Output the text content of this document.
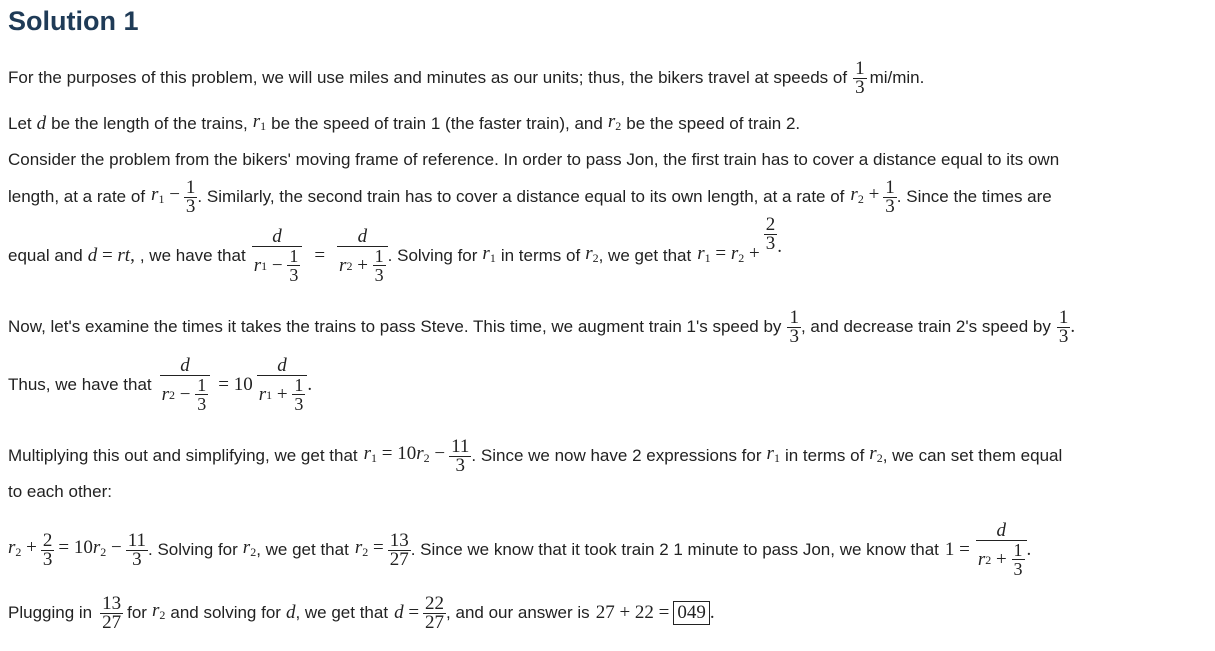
Solution 1
For the purposes of this problem, we will use miles and minutes as our units; thus, the bikers travel at speeds of $\frac{1}{3} mi/\min$.
Let d be the length of the trains, $r_1$ be the speed of train 1 (the faster train), and $r_2$ be the speed of train 2.
Consider the problem from the bikers' moving frame of reference. In order to pass Jon, the first train has to cover a distance equal to its own
length, at a rate of $r_1 - \frac{1}{3}$ . Similarly, the second train has to cover a distance equal to its own length, at a rate of $r_2 + \frac{1}{3}$ . Since the times are
equal and d = rt, , we have that $\frac{d}{r 1 - \frac{1}{3}} = \frac{d}{r 2 + \frac{1}{3}}$ . Solving for $r_1$ in terms of $r_2$ , we get that $r_1 = r_2$ +
$\frac{2}{3}$ .
Now, let's examine the times it takes the trains to pass Steve. This time, we augment train 1's speed by $\frac{1}{3}$ , and decrease train 2's speed by $\frac{1}{3}$ .
Thus, we have that $\frac{d}{r 2 - \frac{1}{3}} = 10 \frac{d}{r 1 + \frac{1}{3}}$ .
Multiplying this out and simplifying, we get that $r_1 = 10r_2 - \frac{11}{3}$ . Since we now have 2 expressions for $r_1$ in terms of $r_2$ , we can set them equal
to each other:
$r_2 + \frac{2}{3} = 10r_2 - \frac{11}{3}$ . Solving for $r_2$ , we get that $r_2 = \frac{13}{27}$ . Since we know that it took train 2 1 minute to pass Jon, we know that $1 = \frac{d}{r 2 + \frac{1}{3}}$ .
Plugging in $\frac{13}{27}$ for $r_2$ and solving for d , we get that $d = \frac{22}{27}$ , and our answer is 27 + 22 = 049 .
